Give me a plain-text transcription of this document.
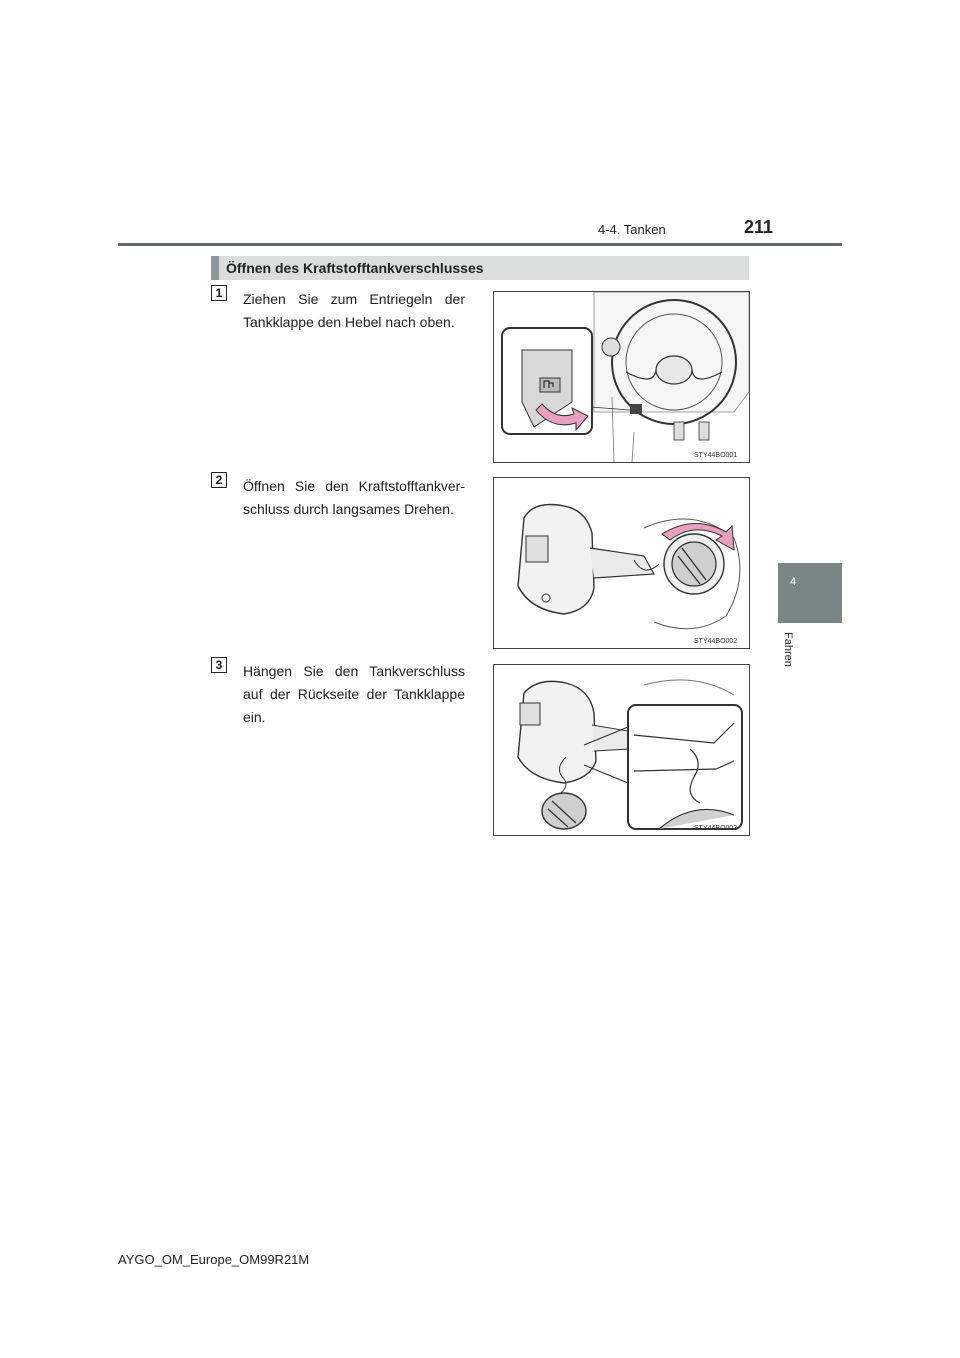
4-4. Tanken	211
4
Fahren
Öffnen des Kraftstofftankverschlusses
1	Ziehen Sie zum Entriegeln der Tankklappe den Hebel nach oben.
STY44BO001
2	Öffnen Sie den Kraftstofftankver-schluss durch langsames Drehen.
STY44BO002
3	Hängen Sie den Tankverschluss auf der Rückseite der Tankklappe ein.
STY44BO003
AYGO_OM_Europe_OM99R21M
